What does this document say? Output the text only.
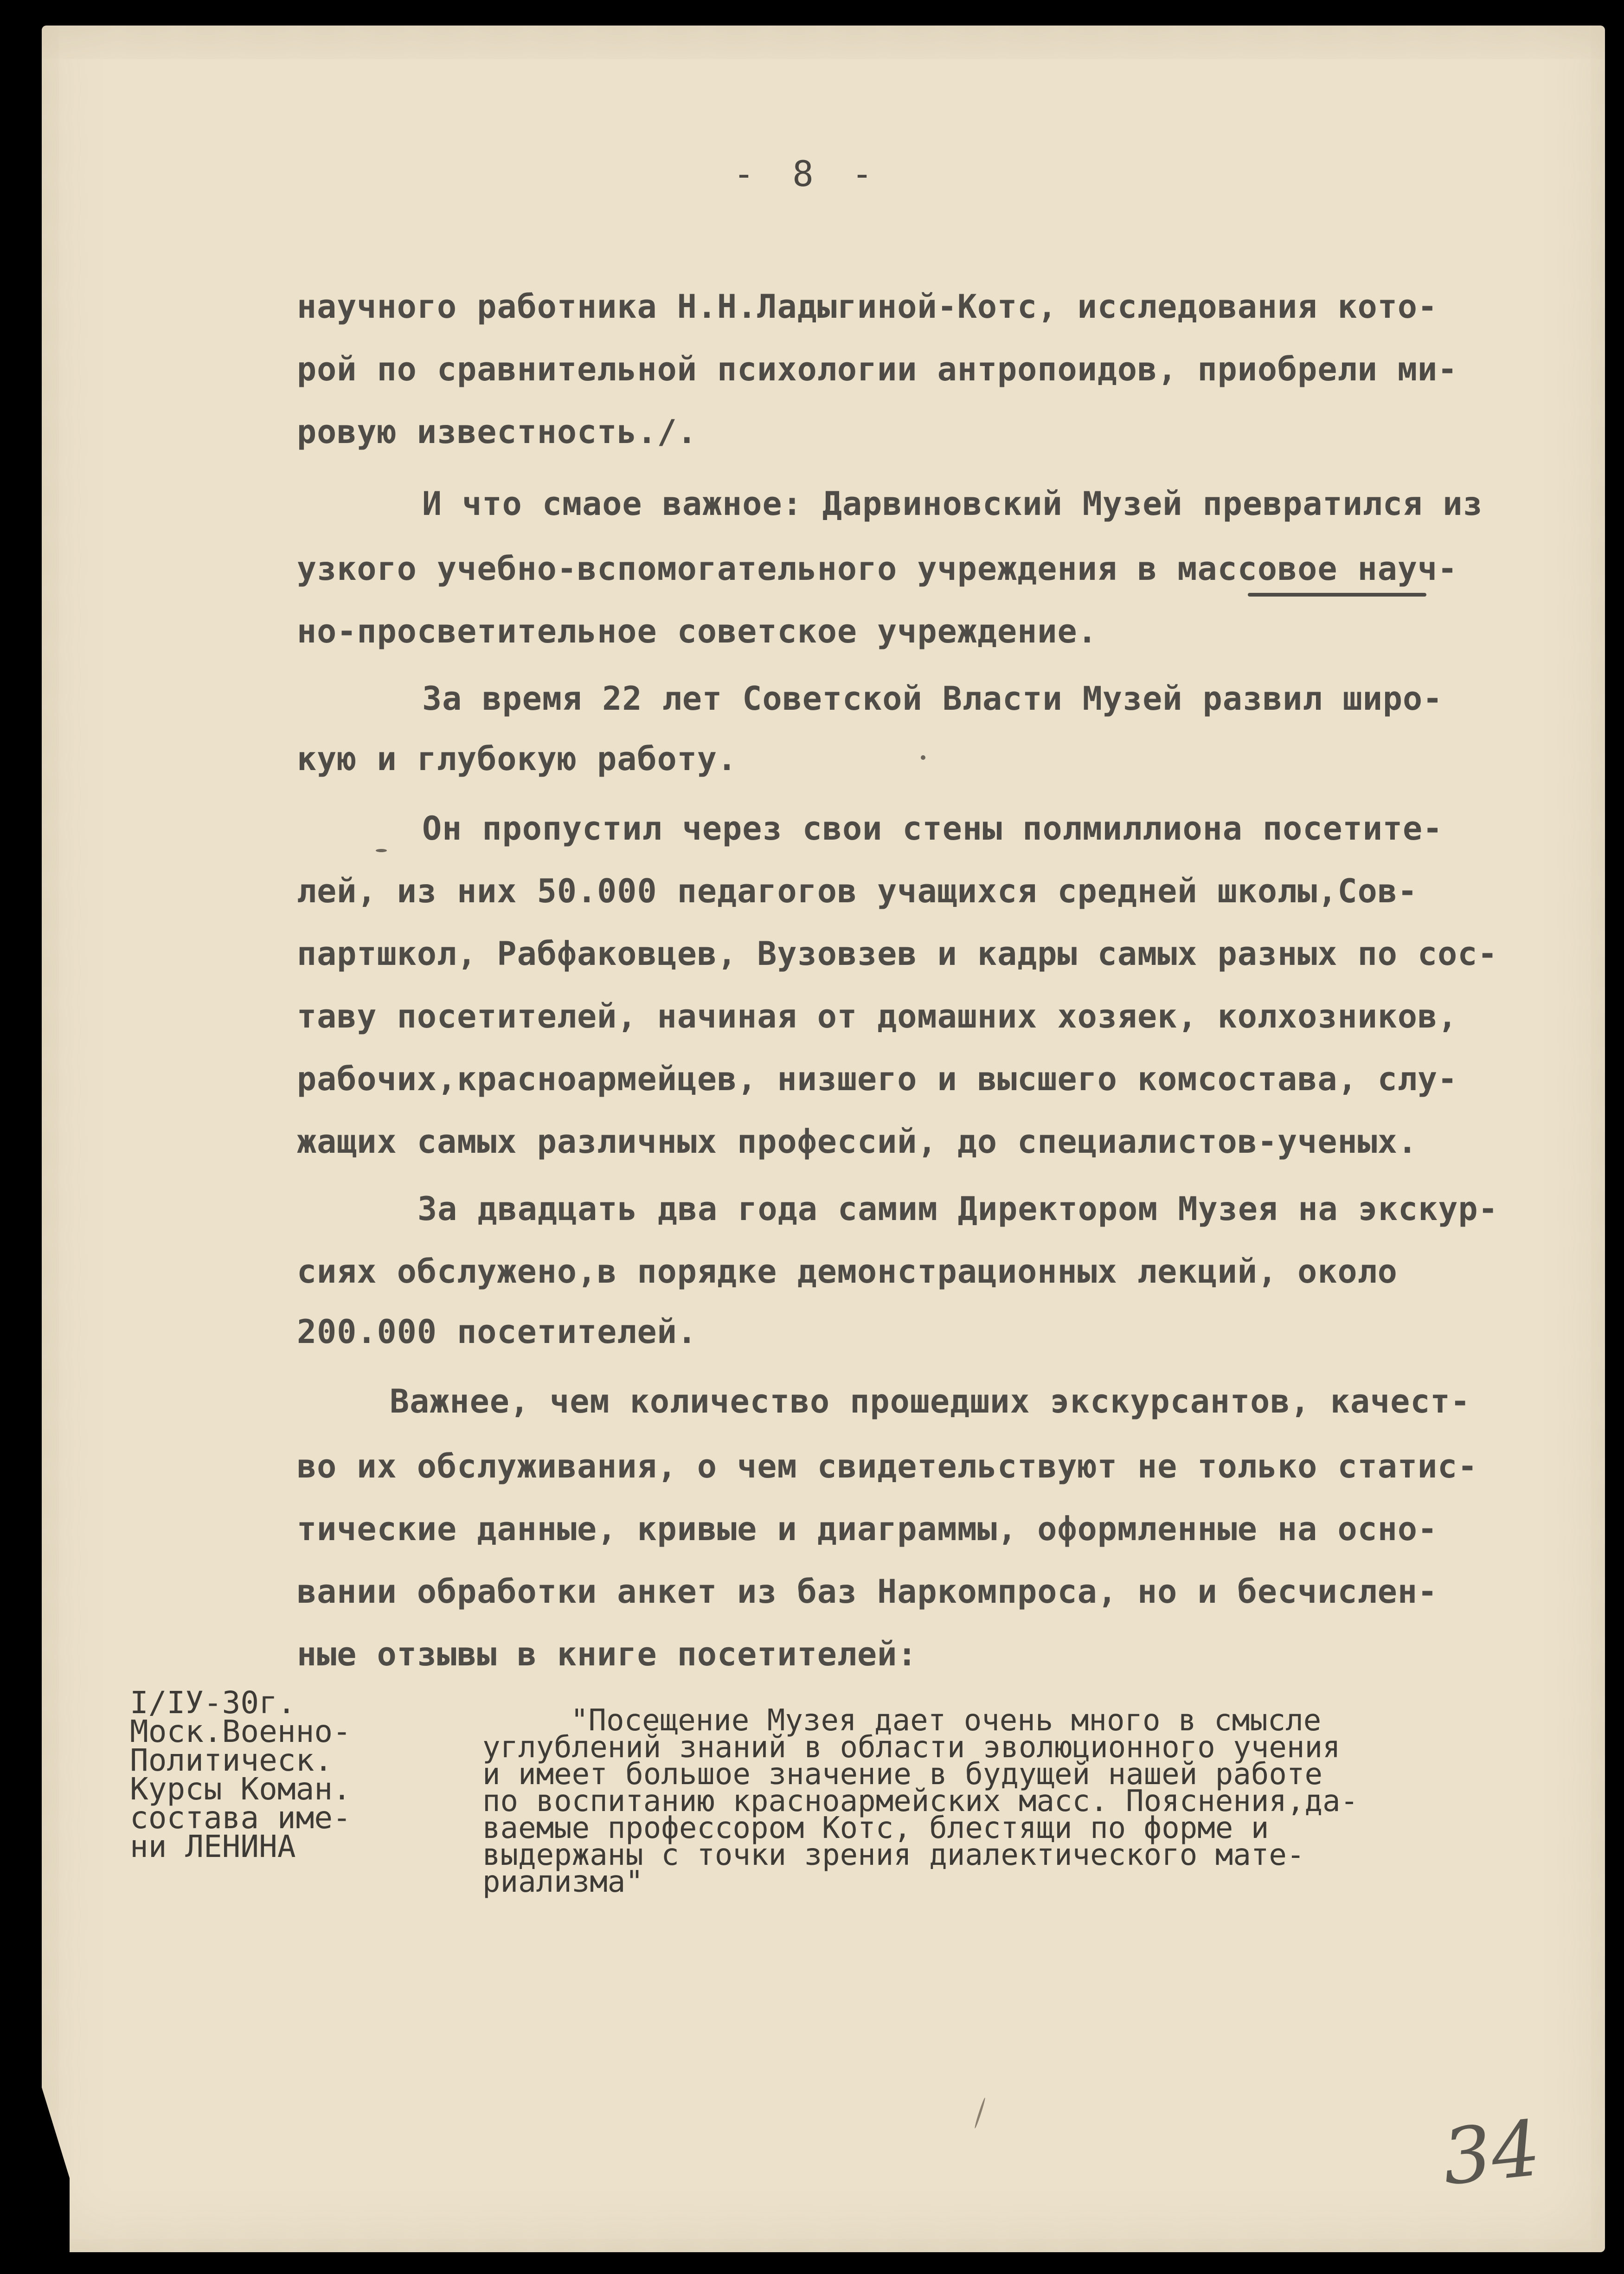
- 8 -
научного работника Н.Н.Ладыгиной-Котс, исследования кото-
рой по сравнительной психологии антропоидов, приобрели ми-
ровую известность./.
И что смаое важное: Дарвиновский Музей превратился из
узкого учебно-вспомогательного учреждения в массовое науч-
но-просветительное советское учреждение.
За время 22 лет Советской Власти Музей развил широ-
кую и глубокую работу.
Он пропустил через свои стены полмиллиона посетите-
лей, из них 50.000 педагогов учащихся средней школы,Сов-
партшкол, Рабфаковцев, Вузовзев и кадры самых разных по сос-
таву посетителей, начиная от домашних хозяек, колхозников,
рабочих,красноармейцев, низшего и высшего комсостава, слу-
жащих самых различных профессий, до специалистов-ученых.
За двадцать два года самим Директором Музея на экскур-
сиях обслужено,в порядке демонстрационных лекций, около
200.000 посетителей.
Важнее, чем количество прошедших экскурсантов, качест-
во их обслуживания, о чем свидетельствуют не только статис-
тические данные, кривые и диаграммы, оформленные на осно-
вании обработки анкет из баз Наркомпроса, но и бесчислен-
ные отзывы в книге посетителей:
I/IУ-30г.
Моск.Военно-
Политическ.
Курсы Коман.
состава име-
ни ЛЕНИНА
"Посещение Музея дает очень много в смысле
углублений знаний в области эволюционного учения
и имеет большое значение в будущей нашей работе
по воспитанию красноармейских масс. Пояснения,да-
ваемые профессором Котс, блестящи по форме и
выдержаны с точки зрения диалектического мате-
риализма"
34
